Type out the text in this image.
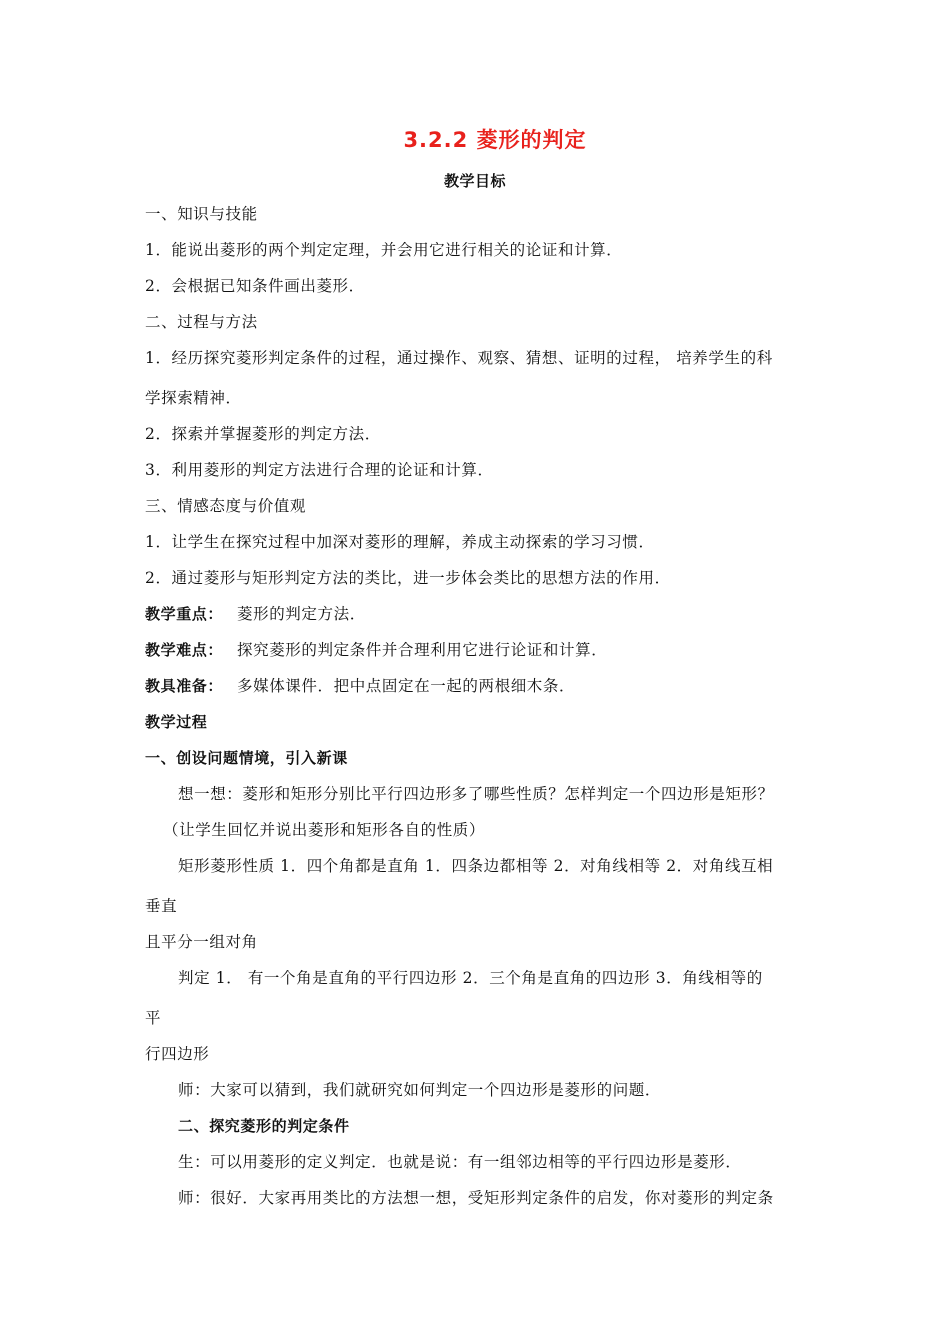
3.2.2 菱形的判定
教学目标
一、知识与技能
1．能说出菱形的两个判定定理，并会用它进行相关的论证和计算．
2．会根据已知条件画出菱形．
二、过程与方法
1．经历探究菱形判定条件的过程，通过操作、观察、猜想、证明的过程， 培养学生的科
学探索精神．
2．探索并掌握菱形的判定方法．
3．利用菱形的判定方法进行合理的论证和计算．
三、情感态度与价值观
1．让学生在探究过程中加深对菱形的理解，养成主动探索的学习习惯．
2．通过菱形与矩形判定方法的类比，进一步体会类比的思想方法的作用．
教学重点： 菱形的判定方法．
教学难点： 探究菱形的判定条件并合理利用它进行论证和计算．
教具准备： 多媒体课件．把中点固定在一起的两根细木条．
教学过程
一、创设问题情境，引入新课
想一想：菱形和矩形分别比平行四边形多了哪些性质？怎样判定一个四边形是矩形？
（让学生回忆并说出菱形和矩形各自的性质）
矩形菱形性质 1．四个角都是直角 1．四条边都相等 2．对角线相等 2．对角线互相
垂直
且平分一组对角
判定 1． 有一个角是直角的平行四边形 2．三个角是直角的四边形 3．角线相等的
平
行四边形
师：大家可以猜到，我们就研究如何判定一个四边形是菱形的问题．
二、探究菱形的判定条件
生：可以用菱形的定义判定．也就是说：有一组邻边相等的平行四边形是菱形．
师：很好．大家再用类比的方法想一想，受矩形判定条件的启发，你对菱形的判定条
